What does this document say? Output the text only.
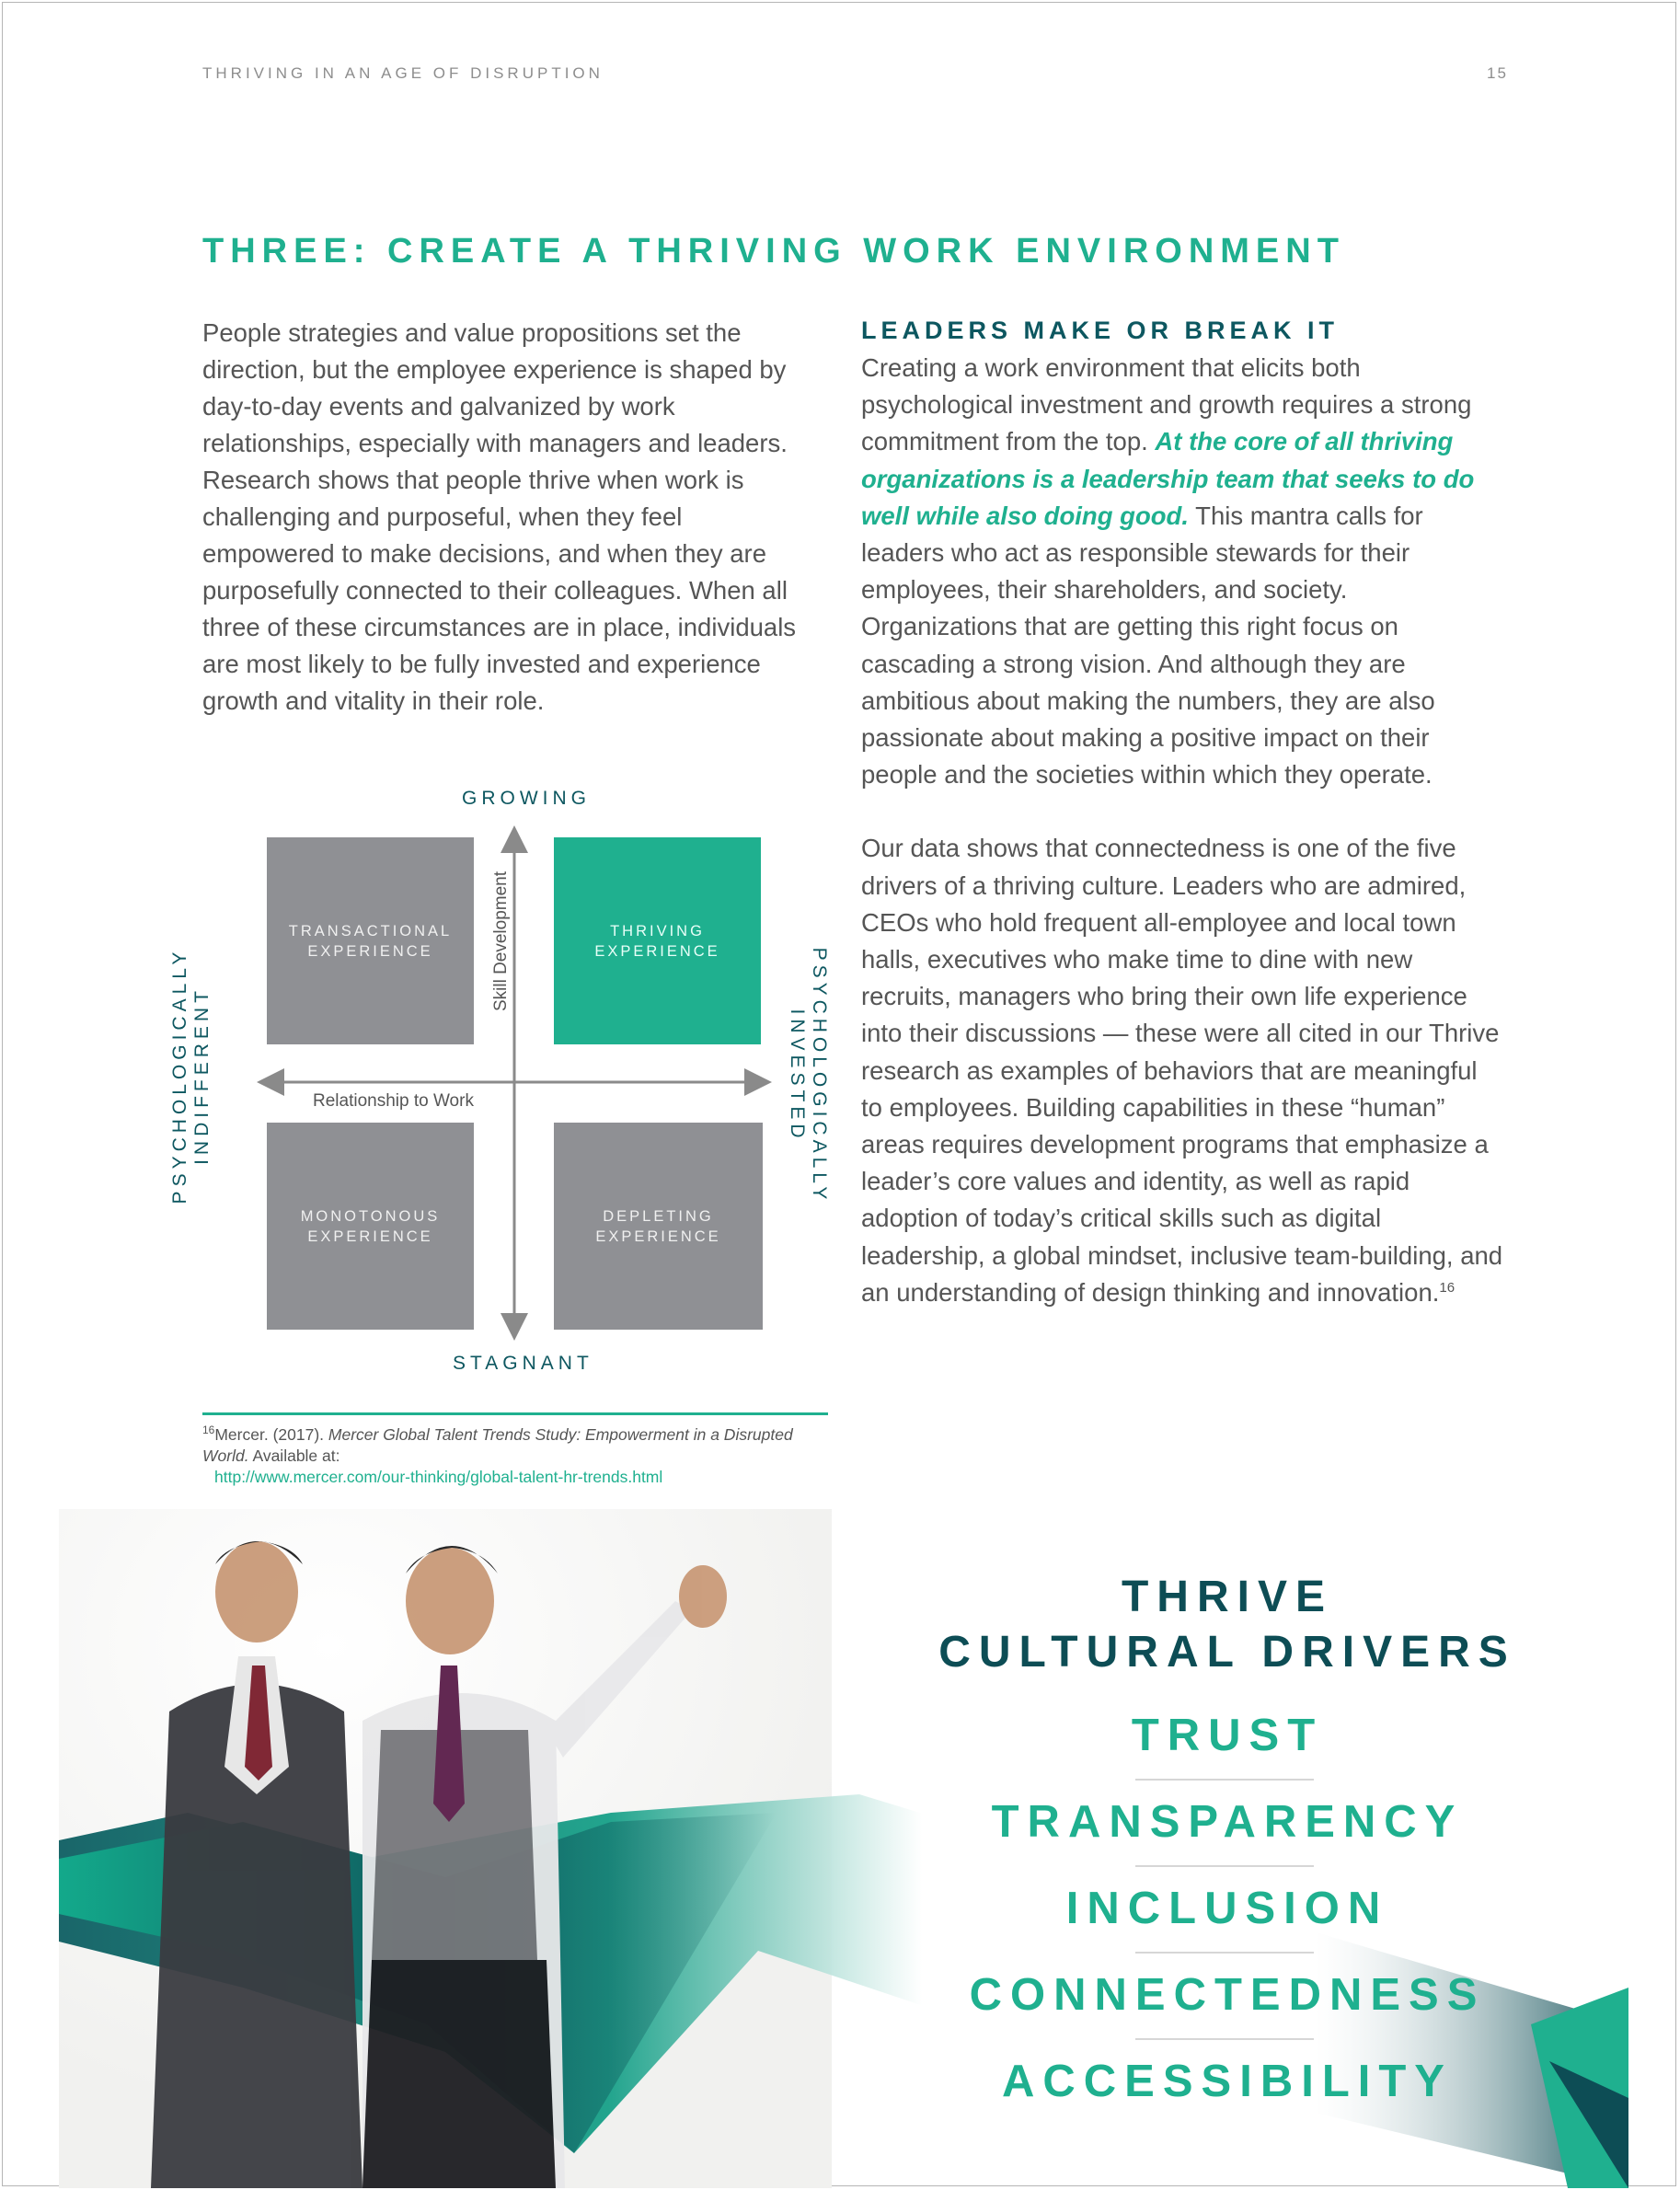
THRIVING IN AN AGE OF DISRUPTION	15
THREE: CREATE A THRIVING WORK ENVIRONMENT
People strategies and value propositions set the direction, but the employee experience is shaped by day-to-day events and galvanized by work relationships, especially with managers and leaders. Research shows that people thrive when work is challenging and purposeful, when they feel empowered to make decisions, and when they are purposefully connected to their colleagues. When all three of these circumstances are in place, individuals are most likely to be fully invested and experience growth and vitality in their role.
LEADERS MAKE OR BREAK IT

Creating a work environment that elicits both psychological investment and growth requires a strong commitment from the top. At the core of all thriving organizations is a leadership team that seeks to do well while also doing good. This mantra calls for leaders who act as responsible stewards for their employees, their shareholders, and society. Organizations that are getting this right focus on cascading a strong vision. And although they are ambitious about making the numbers, they are also passionate about making a positive impact on their people and the societies within which they operate.

Our data shows that connectedness is one of the five drivers of a thriving culture. Leaders who are admired, CEOs who hold frequent all-employee and local town halls, executives who make time to dine with new recruits, managers who bring their own life experience into their discussions — these were all cited in our Thrive research as examples of behaviors that are meaningful to employees. Building capabilities in these “human” areas requires development programs that emphasize a leader’s core values and identity, as well as rapid adoption of today’s critical skills such as digital leadership, a global mindset, inclusive team-building, and an understanding of design thinking and innovation.$^{16}$

GROWING
STAGNANT
PSYCHOLOGICALLY INDIFFERENT	PSYCHOLOGICALLY
INVESTED
TRANSACTIONAL
EXPERIENCE
THRIVING
EXPERIENCE
MONOTONOUS
EXPERIENCE
DEPLETING
EXPERIENCE
Skill Development
Relationship to Work
$^{16}$Mercer. (2017). Mercer Global Talent Trends Study: Empowerment in a Disrupted World. Available at:
http://www.mercer.com/our-thinking/global-talent-hr-trends.html
THRIVE
CULTURAL DRIVERS
TRUST
TRANSPARENCY
INCLUSION
CONNECTEDNESS
ACCESSIBILITY
